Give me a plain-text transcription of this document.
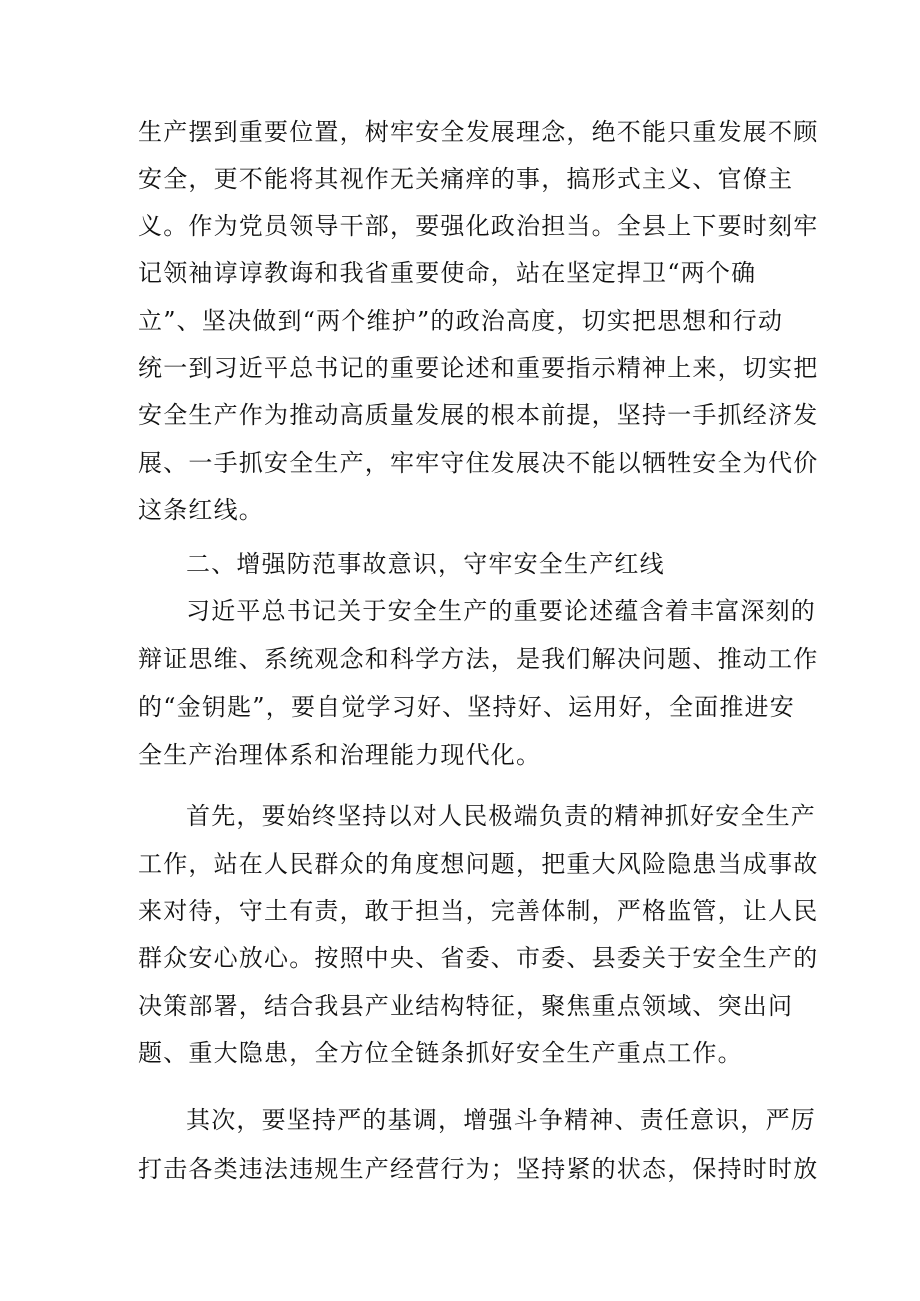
生产摆到重要位置，树牢安全发展理念，绝不能只重发展不顾
安全，更不能将其视作无关痛痒的事，搞形式主义、官僚主
义。作为党员领导干部，要强化政治担当。全县上下要时刻牢
记领袖谆谆教诲和我省重要使命，站在坚定捍卫“两个确
立”、坚决做到“两个维护”的政治高度，切实把思想和行动
统一到习近平总书记的重要论述和重要指示精神上来，切实把
安全生产作为推动高质量发展的根本前提，坚持一手抓经济发
展、一手抓安全生产，牢牢守住发展决不能以牺牲安全为代价
这条红线。
二、增强防范事故意识，守牢安全生产红线
习近平总书记关于安全生产的重要论述蕴含着丰富深刻的
辩证思维、系统观念和科学方法，是我们解决问题、推动工作
的“金钥匙”，要自觉学习好、坚持好、运用好，全面推进安
全生产治理体系和治理能力现代化。
首先，要始终坚持以对人民极端负责的精神抓好安全生产
工作，站在人民群众的角度想问题，把重大风险隐患当成事故
来对待，守土有责，敢于担当，完善体制，严格监管，让人民
群众安心放心。按照中央、省委、市委、县委关于安全生产的
决策部署，结合我县产业结构特征，聚焦重点领域、突出问
题、重大隐患，全方位全链条抓好安全生产重点工作。
其次，要坚持严的基调，增强斗争精神、责任意识，严厉
打击各类违法违规生产经营行为；坚持紧的状态，保持时时放
